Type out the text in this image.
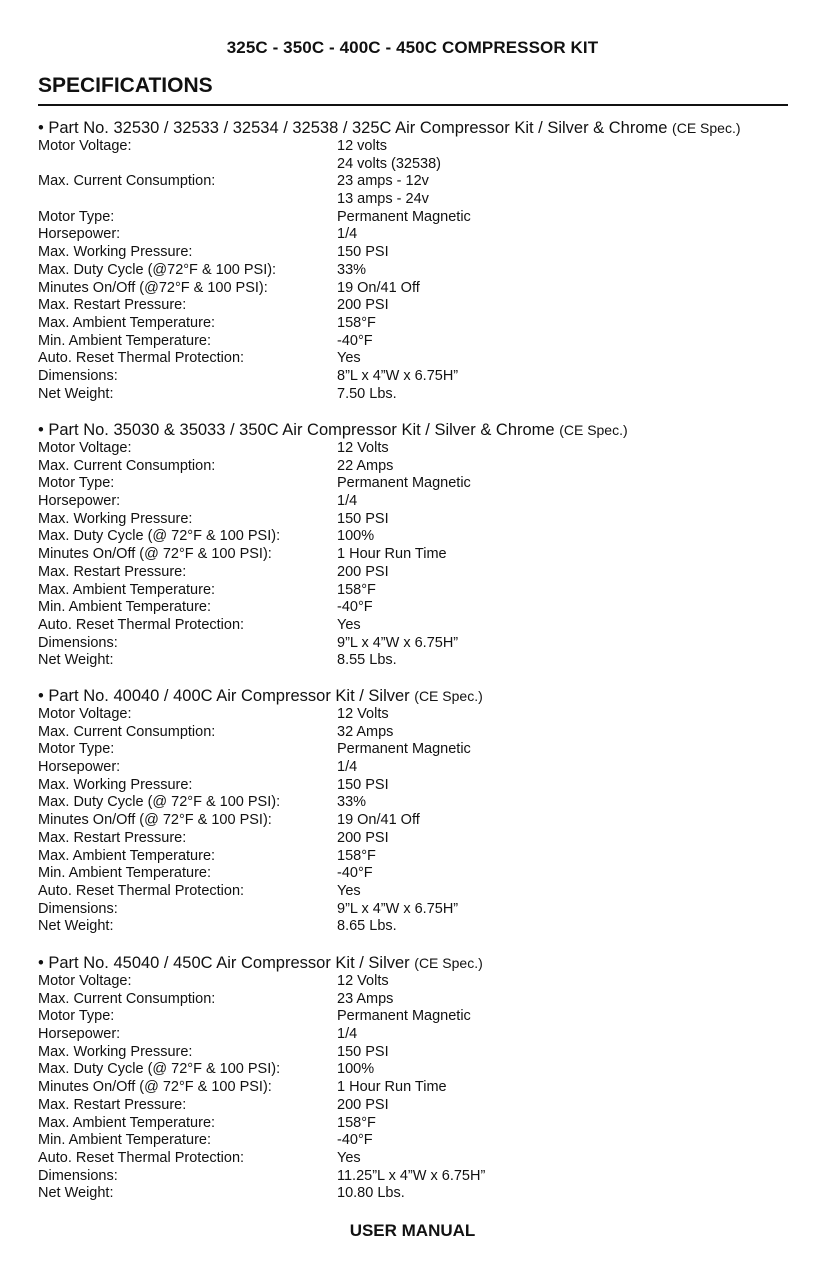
325C - 350C - 400C - 450C COMPRESSOR KIT
SPECIFICATIONS
• Part No. 32530 / 32533 / 32534 / 32538 / 325C Air Compressor Kit / Silver & Chrome (CE Spec.)
Motor Voltage:	12 volts
24 volts (32538)
Max. Current Consumption:	23 amps - 12v
13 amps - 24v
Motor Type:	Permanent Magnetic
Horsepower:	1/4
Max. Working Pressure:	150 PSI
Max. Duty Cycle (@72°F & 100 PSI):	33%
Minutes On/Off (@72°F & 100 PSI):	19 On/41 Off
Max. Restart Pressure:	200 PSI
Max. Ambient Temperature:	158°F
Min. Ambient Temperature:	-40°F
Auto. Reset Thermal Protection:	Yes
Dimensions:	8”L x 4”W x 6.75H”
Net Weight:	7.50 Lbs.
• Part No. 35030 & 35033 / 350C Air Compressor Kit / Silver & Chrome (CE Spec.)
Motor Voltage:	12 Volts
Max. Current Consumption:	22 Amps
Motor Type:	Permanent Magnetic
Horsepower:	1/4
Max. Working Pressure:	150 PSI
Max. Duty Cycle (@ 72°F & 100 PSI):	100%
Minutes On/Off (@ 72°F & 100 PSI):	1 Hour Run Time
Max. Restart Pressure:	200 PSI
Max. Ambient Temperature:	158°F
Min. Ambient Temperature:	-40°F
Auto. Reset Thermal Protection:	Yes
Dimensions:	9”L x 4”W x 6.75H”
Net Weight:	8.55 Lbs.
• Part No. 40040 / 400C Air Compressor Kit / Silver (CE Spec.)
Motor Voltage:	12 Volts
Max. Current Consumption:	32 Amps
Motor Type:	Permanent Magnetic
Horsepower:	1/4
Max. Working Pressure:	150 PSI
Max. Duty Cycle (@ 72°F & 100 PSI):	33%
Minutes On/Off (@ 72°F & 100 PSI):	19 On/41 Off
Max. Restart Pressure:	200 PSI
Max. Ambient Temperature:	158°F
Min. Ambient Temperature:	-40°F
Auto. Reset Thermal Protection:	Yes
Dimensions:	9”L x 4”W x 6.75H”
Net Weight:	8.65 Lbs.
• Part No. 45040 / 450C Air Compressor Kit / Silver (CE Spec.)
Motor Voltage:	12 Volts
Max. Current Consumption:	23 Amps
Motor Type:	Permanent Magnetic
Horsepower:	1/4
Max. Working Pressure:	150 PSI
Max. Duty Cycle (@ 72°F & 100 PSI):	100%
Minutes On/Off (@ 72°F & 100 PSI):	1 Hour Run Time
Max. Restart Pressure:	200 PSI
Max. Ambient Temperature:	158°F
Min. Ambient Temperature:	-40°F
Auto. Reset Thermal Protection:	Yes
Dimensions:	11.25”L x 4”W x 6.75H”
Net Weight:	10.80 Lbs.
USER MANUAL
